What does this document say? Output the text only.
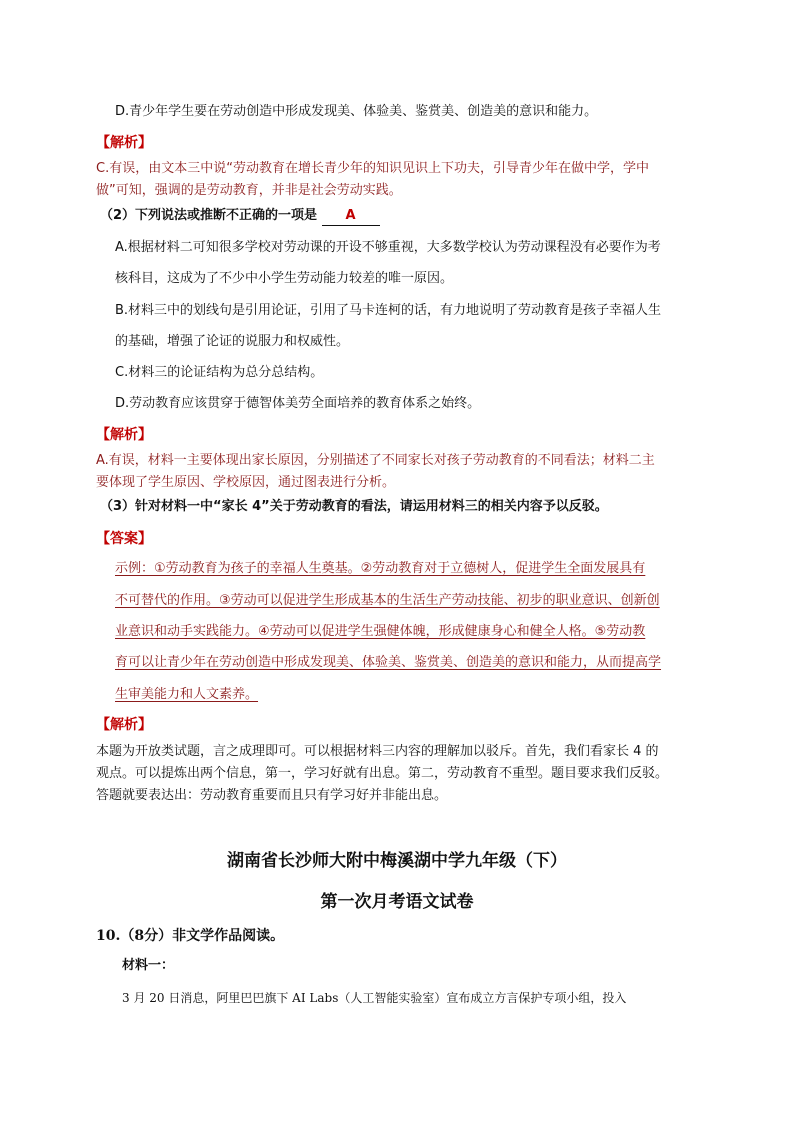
D.青少年学生要在劳动创造中形成发现美、体验美、鉴赏美、创造美的意识和能力。
【解析】
C.有误，由文本三中说“劳动教育在增长青少年的知识见识上下功夫，引导青少年在做中学，学中
做”可知，强调的是劳动教育，并非是社会劳动实践。
（2）下列说法或推断不正确的一项是 A
A.根据材料二可知很多学校对劳动课的开设不够重视，大多数学校认为劳动课程没有必要作为考
核科目，这成为了不少中小学生劳动能力较差的唯一原因。
B.材料三中的划线句是引用论证，引用了马卡连柯的话，有力地说明了劳动教育是孩子幸福人生
的基础，增强了论证的说服力和权威性。
C.材料三的论证结构为总分总结构。
D.劳动教育应该贯穿于德智体美劳全面培养的教育体系之始终。
【解析】
A.有误，材料一主要体现出家长原因，分别描述了不同家长对孩子劳动教育的不同看法；材料二主
要体现了学生原因、学校原因，通过图表进行分析。
（3）针对材料一中“家长 4”关于劳动教育的看法，请运用材料三的相关内容予以反驳。
【答案】
示例：①劳动教育为孩子的幸福人生奠基。②劳动教育对于立德树人，促进学生全面发展具有
不可替代的作用。③劳动可以促进学生形成基本的生活生产劳动技能、初步的职业意识、创新创
业意识和动手实践能力。④劳动可以促进学生强健体魄，形成健康身心和健全人格。⑤劳动教
育可以让青少年在劳动创造中形成发现美、体验美、鉴赏美、创造美的意识和能力，从而提高学
生审美能力和人文素养。
【解析】
本题为开放类试题，言之成理即可。可以根据材料三内容的理解加以驳斥。首先，我们看家长 4 的
观点。可以提炼出两个信息，第一，学习好就有出息。第二，劳动教育不重型。题目要求我们反驳。
答题就要表达出：劳动教育重要而且只有学习好并非能出息。
湖南省长沙师大附中梅溪湖中学九年级（下）
第一次月考语文试卷
10.（8分）非文学作品阅读。
材料一：
3 月 20 日消息，阿里巴巴旗下 AI Labs（人工智能实验室）宣布成立方言保护专项小组，投入
